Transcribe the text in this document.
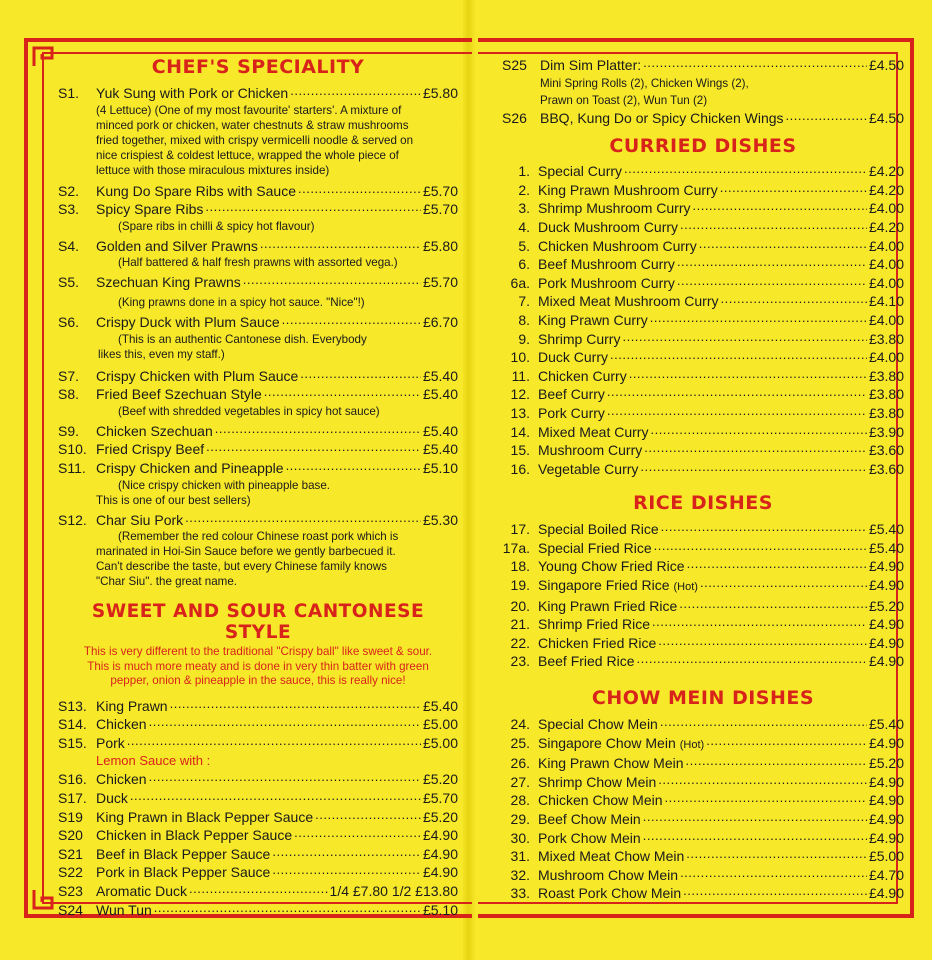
CHEF'S SPECIALITY
S1.	Yuk Sung with Pork or Chicken .....	£5.80
(4 Lettuce) (One of my most favourite' starters'. A mixture of
minced pork or chicken, water chestnuts & straw mushrooms
fried together, mixed with crispy vermicelli noodle & served on
nice crispiest & coldest lettuce, wrapped the whole piece of
lettuce with those miraculous mixtures inside)
S2.	Kung Do Spare Ribs with Sauce .....	£5.70
S3.	Spicy Spare Ribs .....	£5.70
(Spare ribs in chilli & spicy hot flavour)
S4.	Golden and Silver Prawns .....	£5.80
(Half battered & half fresh prawns with assorted vega.)
S5.	Szechuan King Prawns .....	£5.70
(King prawns done in a spicy hot sauce. "Nice"!)
S6.	Crispy Duck with Plum Sauce .....	£6.70
(This is an authentic Cantonese dish. Everybody
likes this, even my staff.)
S7.	Crispy Chicken with Plum Sauce .....	£5.40
S8.	Fried Beef Szechuan Style .....	£5.40
(Beef with shredded vegetables in spicy hot sauce)
S9.	Chicken Szechuan .....	£5.40
S10. Fried Crispy Beef .....	£5.40
S11. Crispy Chicken and Pineapple .....	£5.10
(Nice crispy chicken with pineapple base.
This is one of our best sellers)
S12. Char Siu Pork .....	£5.30
(Remember the red colour Chinese roast pork which is
marinated in Hoi-Sin Sauce before we gently barbecued it.
Can't describe the taste, but every Chinese family knows
"Char Siu". the great name.
SWEET AND SOUR CANTONESE STYLE
This is very different to the traditional "Crispy ball" like sweet & sour.
This is much more meaty and is done in very thin batter with green
pepper, onion & pineapple in the sauce, this is really nice!
S13. King Prawn .....	£5.40
S14. Chicken .....	£5.00
S15. Pork .....	£5.00
Lemon Sauce with :
S16. Chicken .....	£5.20
S17. Duck .....	£5.70
S19 King Prawn in Black Pepper Sauce .....	£5.20
S20 Chicken in Black Pepper Sauce .....	£4.90
S21 Beef in Black Pepper Sauce .....	£4.90
S22 Pork in Black Pepper Sauce .....	£4.90
S23 Aromatic Duck .....	1/4 £7.80 1/2 £13.80
S24 Wun Tun .....	£5.10
S25 Dim Sim Platter: .....	£4.50
Mini Spring Rolls (2), Chicken Wings (2),
Prawn on Toast (2), Wun Tun (2)
S26 BBQ, Kung Do or Spicy Chicken Wings .....	£4.50
CURRIED DISHES
1. Special Curry .....	£4.20
2. King Prawn Mushroom Curry .....	£4.20
3. Shrimp Mushroom Curry .....	£4.00
4. Duck Mushroom Curry .....	£4.20
5. Chicken Mushroom Curry .....	£4.00
6. Beef Mushroom Curry .....	£4.00
6a. Pork Mushroom Curry .....	£4.00
7. Mixed Meat Mushroom Curry .....	£4.10
8. King Prawn Curry .....	£4.00
9. Shrimp Curry .....	£3.80
10. Duck Curry .....	£4.00
11. Chicken Curry .....	£3.80
12. Beef Curry .....	£3.80
13. Pork Curry .....	£3.80
14. Mixed Meat Curry .....	£3.90
15. Mushroom Curry .....	£3.60
16. Vegetable Curry .....	£3.60
RICE DISHES
17. Special Boiled Rice .....	£5.40
17a. Special Fried Rice .....	£5.40
18. Young Chow Fried Rice .....	£4.90
19. Singapore Fried Rice (Hot) .....	£4.90
20. King Prawn Fried Rice .....	£5.20
21. Shrimp Fried Rice .....	£4.90
22. Chicken Fried Rice .....	£4.90
23. Beef Fried Rice .....	£4.90
CHOW MEIN DISHES
24. Special Chow Mein .....	£5.40
25. Singapore Chow Mein (Hot) .....	£4.90
26. King Prawn Chow Mein .....	£5.20
27. Shrimp Chow Mein .....	£4.90
28. Chicken Chow Mein .....	£4.90
29. Beef Chow Mein .....	£4.90
30. Pork Chow Mein .....	£4.90
31. Mixed Meat Chow Mein .....	£5.00
32. Mushroom Chow Mein .....	£4.70
33. Roast Pork Chow Mein .....	£4.90
